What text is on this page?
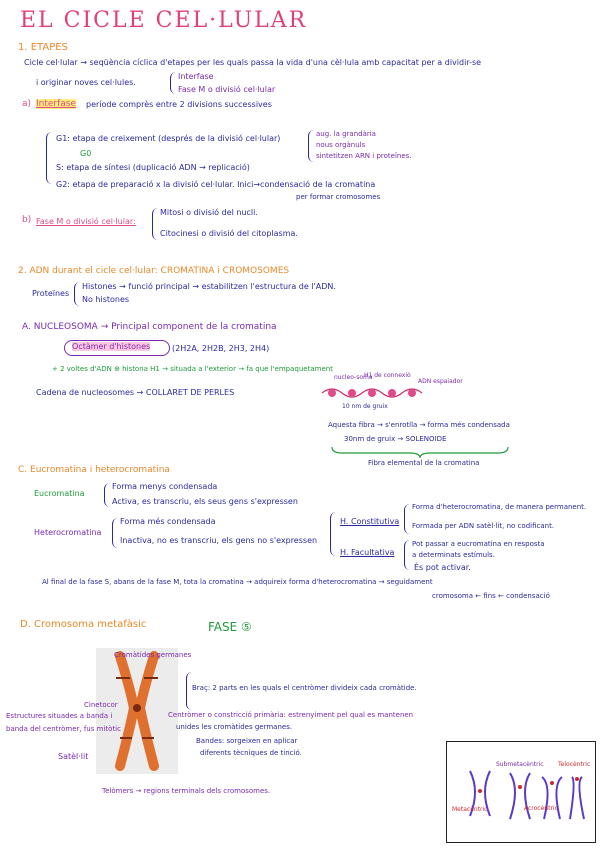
EL CICLE CEL·LULAR
1. ETAPES
Cicle cel·lular → seqüència cíclica d'etapes per les quals passa la vida d'una cèl·lula amb capacitat per a dividir-se
i originar noves cel·lules.
Interfase
Fase M o divisió cel·lular
a) Interfase període comprès entre 2 divisions successives
G1: etapa de creixement (després de la divisió cel·lular)	aug. la grandària
nous orgànuls
sintetitzen ARN i proteïnes.
G0
S: etapa de síntesi (duplicació ADN → replicació)
G2: etapa de preparació x la divisió cel·lular. Inici→condensació de la cromatina
per formar cromosomes
b) Fase M o divisió cel·lular:
Mitosi o divisió del nucli.
Citocinesi o divisió del citoplasma.
2. ADN durant el cicle cel·lular: CROMATINA i CROMOSOMES
Proteïnes
Histones → funció principal → estabilitzen l'estructura de l'ADN.
No histones
A. NUCLEOSOMA → Principal component de la cromatina
Octàmer d'histones	(2H2A, 2H2B, 2H3, 2H4)
+ 2 voltes d'ADN ⊕ histona H1 → situada a l'exterior → fa que l'empaquetament
Cadena de nucleosomes → COLLARET DE PERLES
nucleo-soma
H1 de connexió
ADN espaiador
10 nm de gruix
Aquesta fibra → s'enrotlla → forma més condensada
30nm de gruix → SOLENOIDE
Fibra elemental de la cromatina
C. Eucromatina i heterocromatina
Eucromatina
Forma menys condensada
Activa, es transcriu, els seus gens s'expressen
Heterocromatina
Forma més condensada
Inactiva, no es transcriu, els gens no s'expressen
H. Constitutiva
Forma d'heterocromatina, de manera permanent.
Formada per ADN satèl·lit, no codificant.
H. Facultativa
Pot passar a eucromatina en resposta
a determinats estímuls.
És pot activar.
Al final de la fase S, abans de la fase M, tota la cromatina → adquireix forma d'heterocromatina → seguidament
cromosoma ← fins ← condensació
D. Cromosoma metafàsic	FASE ⑤
Cromàtides germanes
Braç: 2 parts en les quals el centròmer divideix cada cromàtide.
Cinetocor
Estructures situades a banda i
banda del centròmer, fus mitòtic
Centròmer o constricció primària: estrenyiment pel qual es mantenen
unides les cromàtides germanes.
Bandes: sorgeixen en aplicar
diferents tècniques de tinció.
Satèl·lit
Telòmers → regions terminals dels cromosomes.
Submetacèntric Telocèntric
Metacèntric	Acrocèntric
